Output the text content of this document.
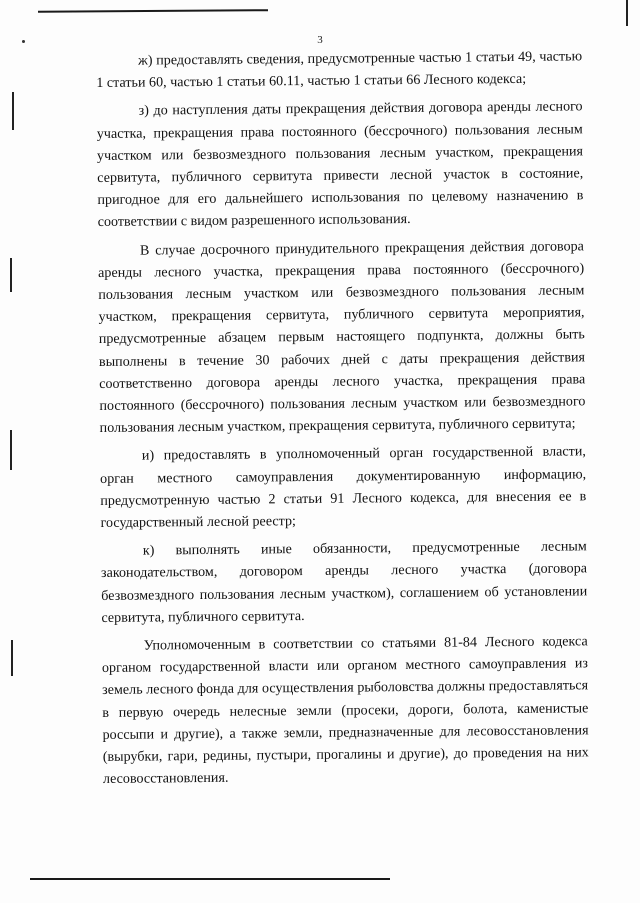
3

ж) предоставлять сведения, предусмотренные частью 1 статьи 49, частью 1 статьи 60, частью 1 статьи 60.11, частью 1 статьи 66 Лесного кодекса;

з) до наступления даты прекращения действия договора аренды лесного участка, прекращения права постоянного (бессрочного) пользования лесным участком или безвозмездного пользования лесным участком, прекращения сервитута, публичного сервитута привести лесной участок в состояние, пригодное для его дальнейшего использования по целевому назначению в соответствии с видом разрешенного использования.

В случае досрочного принудительного прекращения действия договора аренды лесного участка, прекращения права постоянного (бессрочного) пользования лесным участком или безвозмездного пользования лесным участком, прекращения сервитута, публичного сервитута мероприятия, предусмотренные абзацем первым настоящего подпункта, должны быть выполнены в течение 30 рабочих дней с даты прекращения действия соответственно договора аренды лесного участка, прекращения права постоянного (бессрочного) пользования лесным участком или безвозмездного пользования лесным участком, прекращения сервитута, публичного сервитута;

и) предоставлять в уполномоченный орган государственной власти, орган местного самоуправления документированную информацию, предусмотренную частью 2 статьи 91 Лесного кодекса, для внесения ее в государственный лесной реестр;

к) выполнять иные обязанности, предусмотренные лесным законодательством, договором аренды лесного участка (договора безвозмездного пользования лесным участком), соглашением об установлении сервитута, публичного сервитута.

Уполномоченным в соответствии со статьями 81-84 Лесного кодекса органом государственной власти или органом местного самоуправления из земель лесного фонда для осуществления рыболовства должны предоставляться в первую очередь нелесные земли (просеки, дороги, болота, каменистые россыпи и другие), а также земли, предназначенные для лесовосстановления (вырубки, гари, редины, пустыри, прогалины и другие), до проведения на них лесовосстановления.
